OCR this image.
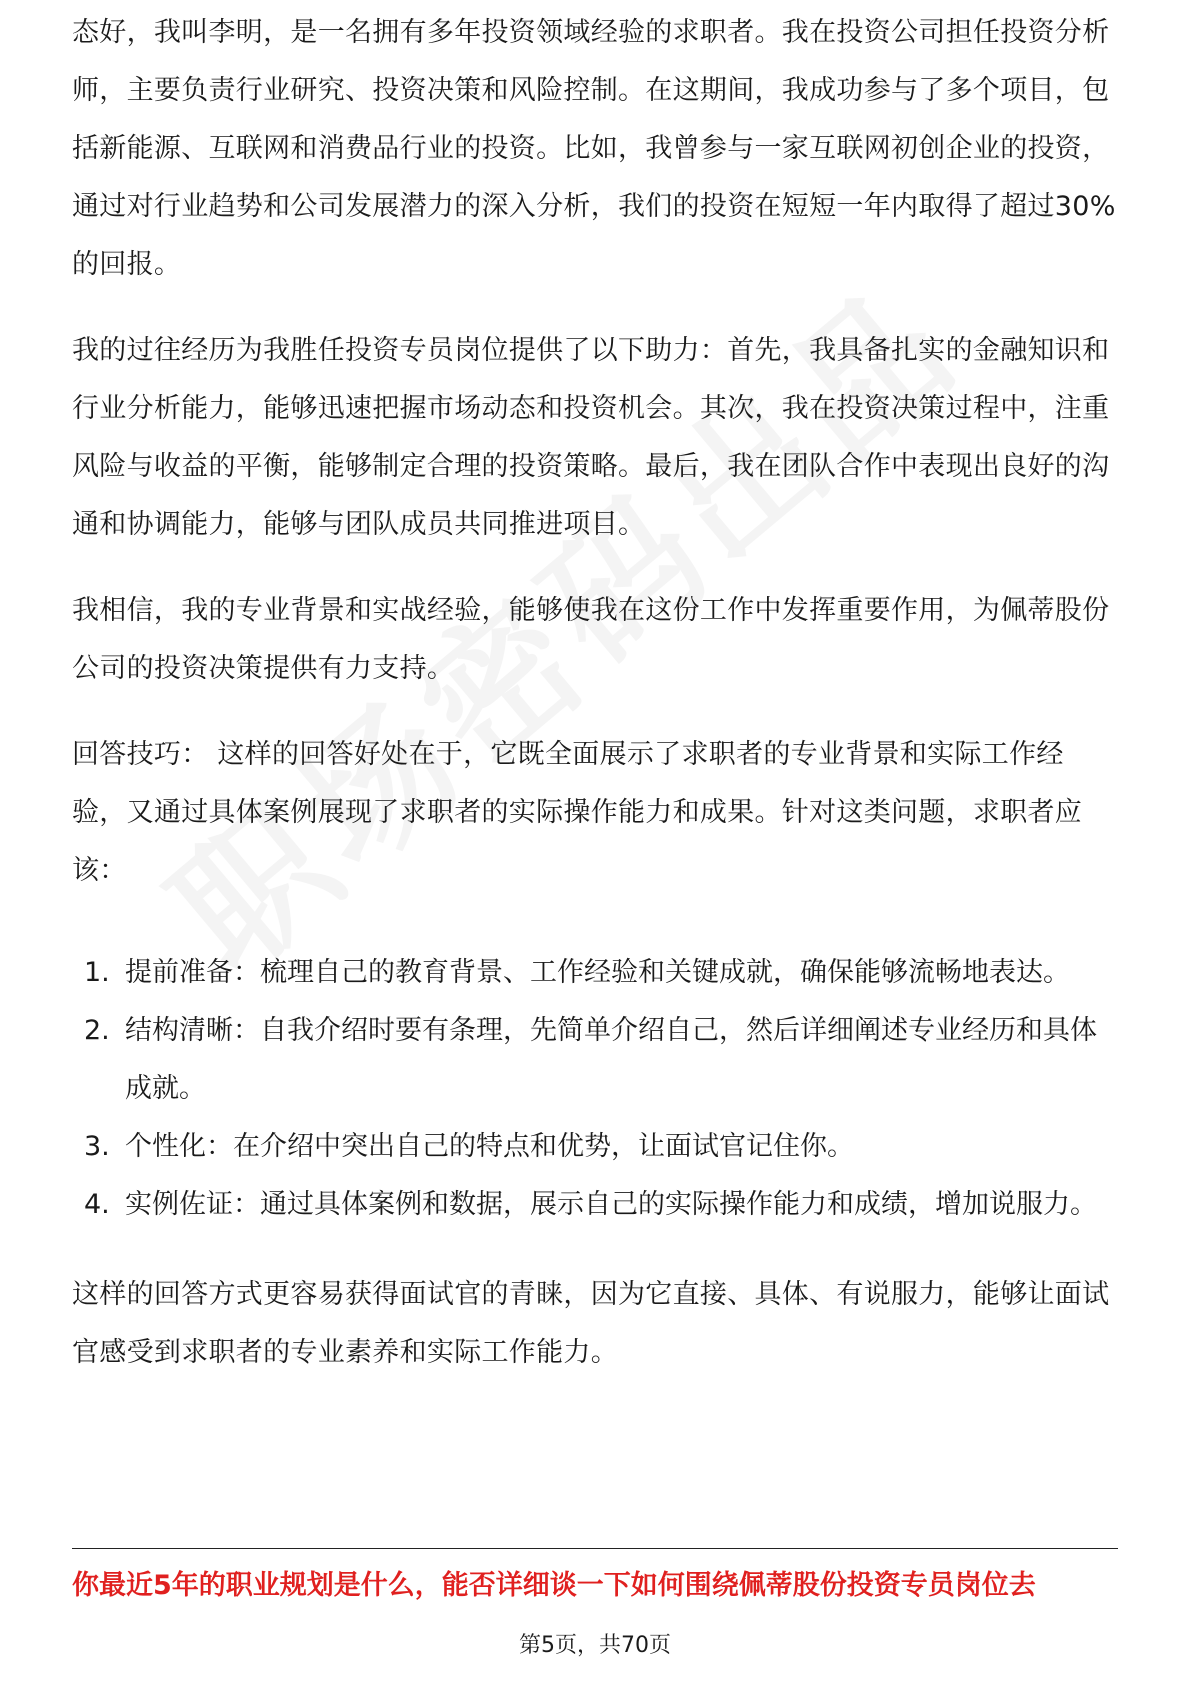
态好，我叫李明，是一名拥有多年投资领域经验的求职者。我在投资公司担任投资分析师，主要负责行业研究、投资决策和风险控制。在这期间，我成功参与了多个项目，包括新能源、互联网和消费品行业的投资。比如，我曾参与一家互联网初创企业的投资，通过对行业趋势和公司发展潜力的深入分析，我们的投资在短短一年内取得了超过30%的回报。

我的过往经历为我胜任投资专员岗位提供了以下助力：首先，我具备扎实的金融知识和行业分析能力，能够迅速把握市场动态和投资机会。其次，我在投资决策过程中，注重风险与收益的平衡，能够制定合理的投资策略。最后，我在团队合作中表现出良好的沟通和协调能力，能够与团队成员共同推进项目。

我相信，我的专业背景和实战经验，能够使我在这份工作中发挥重要作用，为佩蒂股份公司的投资决策提供有力支持。

回答技巧： 这样的回答好处在于，它既全面展示了求职者的专业背景和实际工作经验，又通过具体案例展现了求职者的实际操作能力和成果。针对这类问题，求职者应该：

1. 提前准备：梳理自己的教育背景、工作经验和关键成就，确保能够流畅地表达。
2. 结构清晰：自我介绍时要有条理，先简单介绍自己，然后详细阐述专业经历和具体成就。
3. 个性化：在介绍中突出自己的特点和优势，让面试官记住你。
4. 实例佐证：通过具体案例和数据，展示自己的实际操作能力和成绩，增加说服力。

这样的回答方式更容易获得面试官的青睐，因为它直接、具体、有说服力，能够让面试官感受到求职者的专业素养和实际工作能力。

你最近5年的职业规划是什么，能否详细谈一下如何围绕佩蒂股份投资专员岗位去
第5页，共70页
